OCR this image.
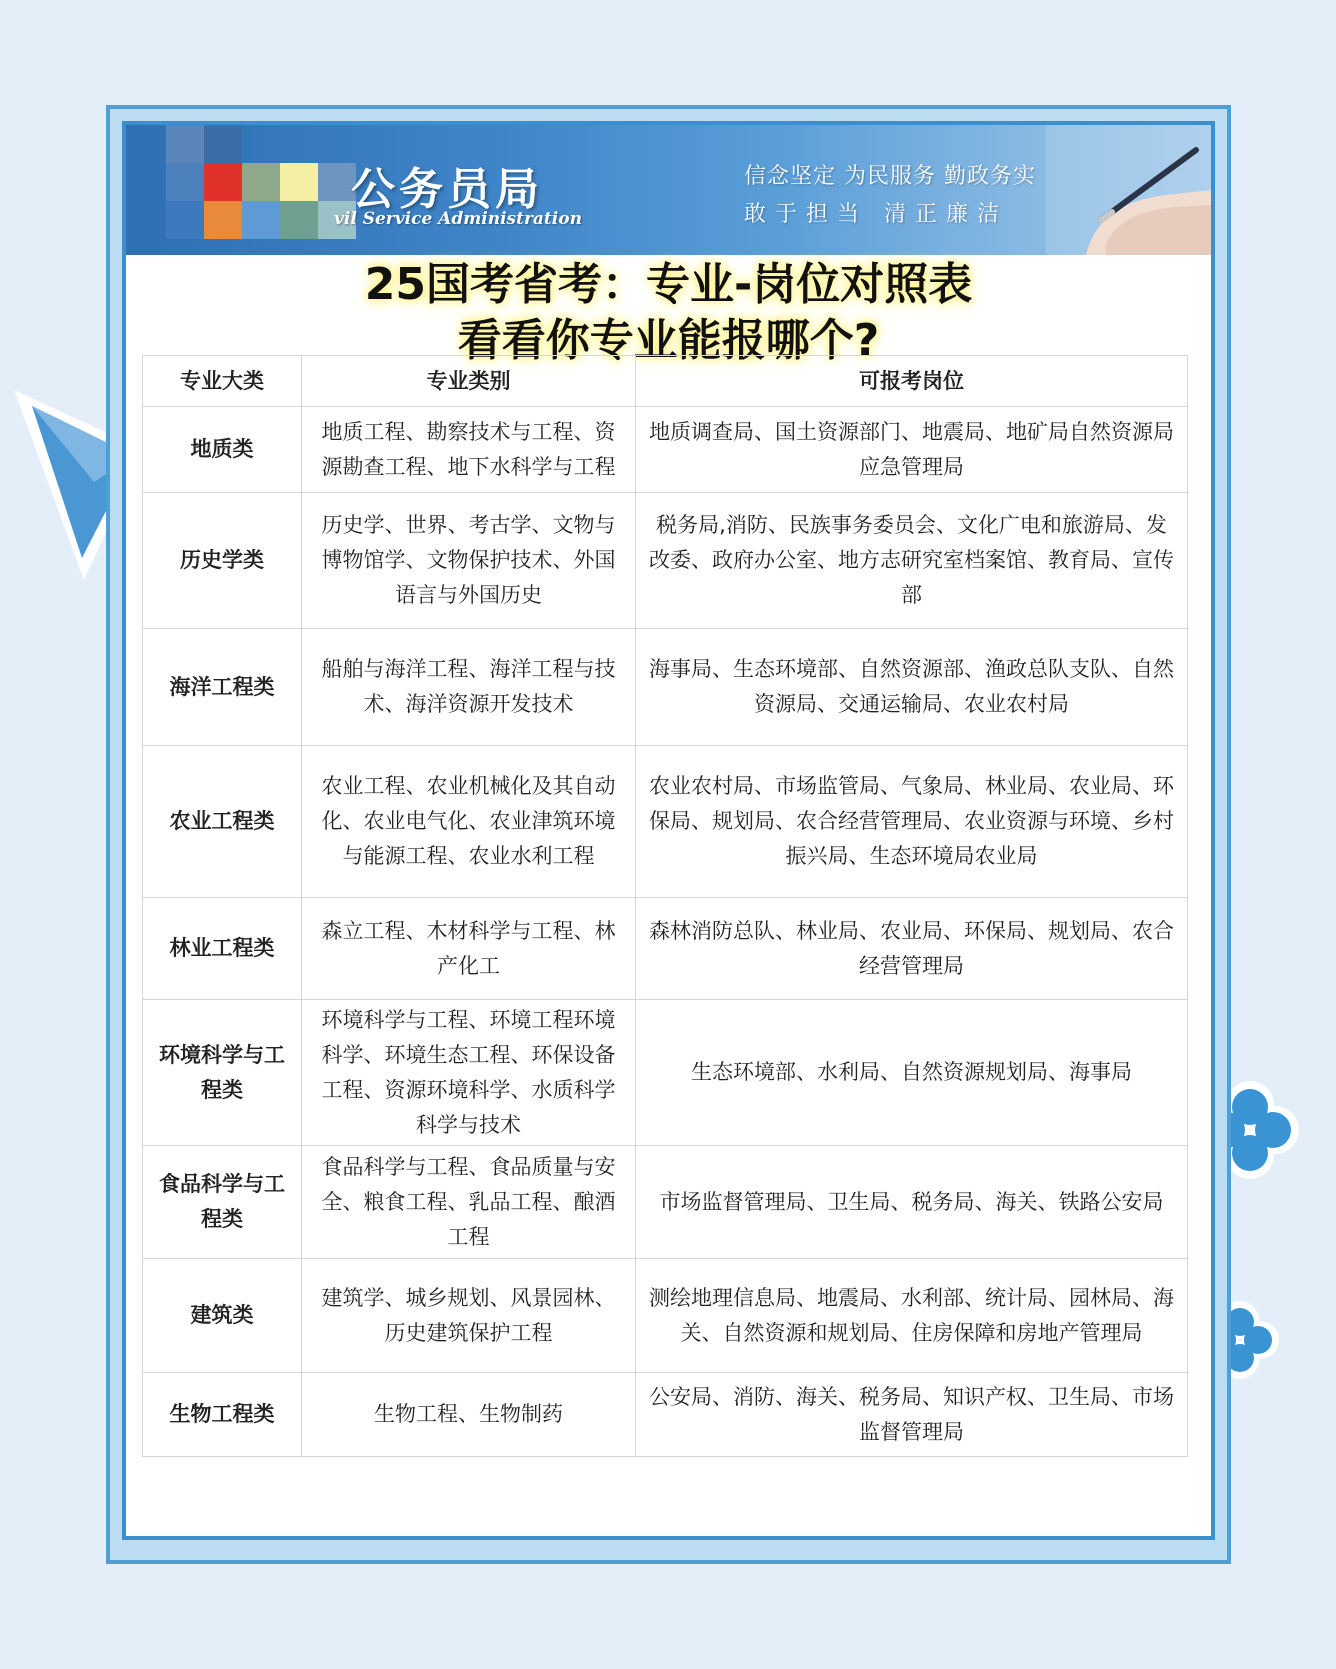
公务员局
vil Service Administration
信念坚定 为民服务 勤政务实
敢于担当 清正廉洁
25国考省考：专业-岗位对照表
看看你专业能报哪个?
专业大类	专业类别	可报考岗位
地质类	地质工程、勘察技术与工程、资源勘查工程、地下水科学与工程	地质调查局、国土资源部门、地震局、地矿局自然资源局应急管理局
历史学类	历史学、世界、考古学、文物与博物馆学、文物保护技术、外国语言与外国历史	税务局,消防、民族事务委员会、文化广电和旅游局、发改委、政府办公室、地方志研究室档案馆、教育局、宣传部
海洋工程类	船舶与海洋工程、海洋工程与技术、海洋资源开发技术	海事局、生态环境部、自然资源部、渔政总队支队、自然资源局、交通运输局、农业农村局
农业工程类	农业工程、农业机械化及其自动化、农业电气化、农业津筑环境与能源工程、农业水利工程	农业农村局、市场监管局、气象局、林业局、农业局、环保局、规划局、农合经营管理局、农业资源与环境、乡村振兴局、生态环境局农业局
林业工程类	森立工程、木材科学与工程、林产化工	森林消防总队、林业局、农业局、环保局、规划局、农合经营管理局
环境科学与工程类	环境科学与工程、环境工程环境科学、环境生态工程、环保设备工程、资源环境科学、水质科学科学与技术	生态环境部、水利局、自然资源规划局、海事局
食品科学与工程类	食品科学与工程、食品质量与安全、粮食工程、乳品工程、酿酒工程	市场监督管理局、卫生局、税务局、海关、铁路公安局
建筑类	建筑学、城乡规划、风景园林、历史建筑保护工程	测绘地理信息局、地震局、水利部、统计局、园林局、海关、自然资源和规划局、住房保障和房地产管理局
生物工程类	生物工程、生物制药	公安局、消防、海关、税务局、知识产权、卫生局、市场监督管理局
